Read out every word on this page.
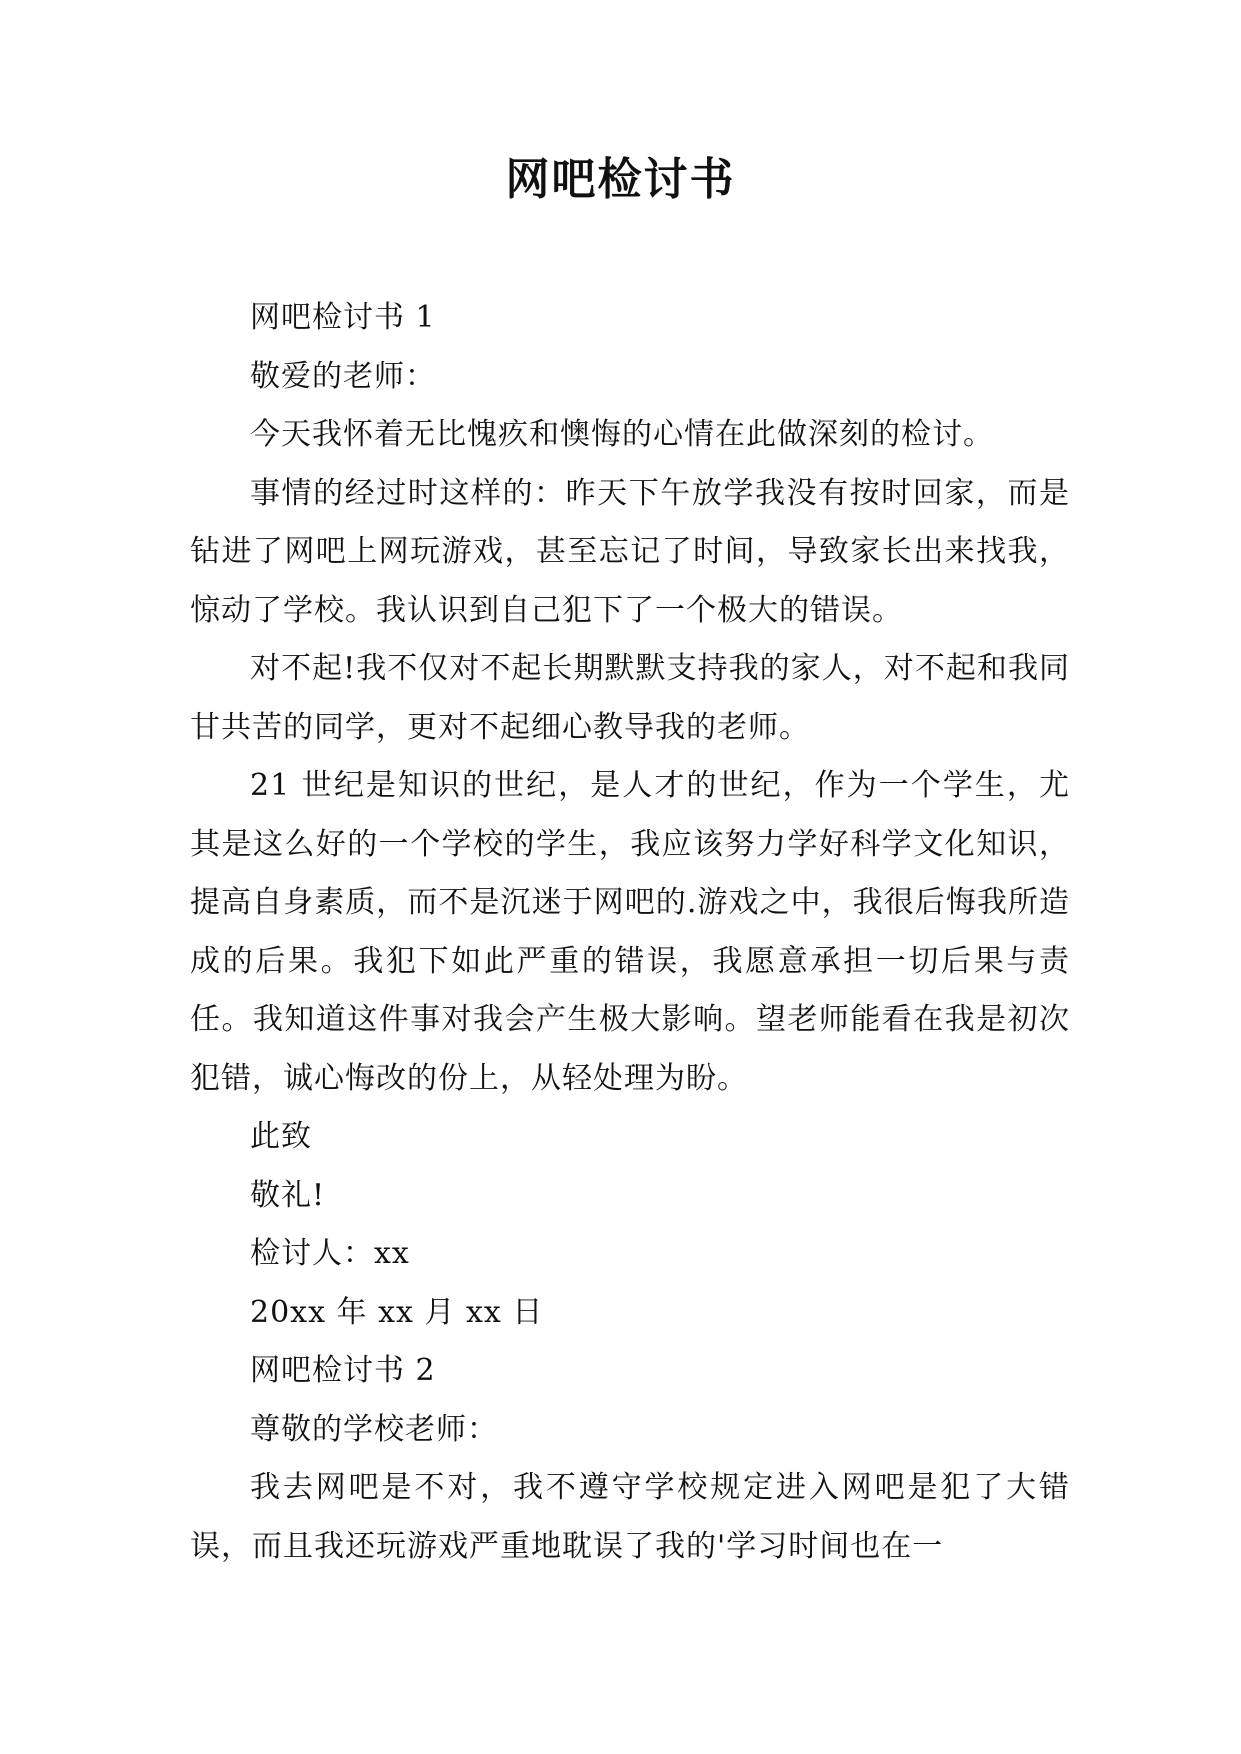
网吧检讨书

网吧检讨书 1

敬爱的老师：

今天我怀着无比愧疚和懊悔的心情在此做深刻的检讨。

事情的经过时这样的：昨天下午放学我没有按时回家，而是钻进了网吧上网玩游戏，甚至忘记了时间，导致家长出来找我，惊动了学校。我认识到自己犯下了一个极大的错误。

对不起!我不仅对不起长期默默支持我的家人，对不起和我同甘共苦的同学，更对不起细心教导我的老师。

21 世纪是知识的世纪，是人才的世纪，作为一个学生，尤其是这么好的一个学校的学生，我应该努力学好科学文化知识，提高自身素质，而不是沉迷于网吧的.游戏之中，我很后悔我所造成的后果。我犯下如此严重的错误，我愿意承担一切后果与责任。我知道这件事对我会产生极大影响。望老师能看在我是初次犯错，诚心悔改的份上，从轻处理为盼。

此致

敬礼!

检讨人：xx

20xx 年 xx 月 xx 日

网吧检讨书 2

尊敬的学校老师：

我去网吧是不对，我不遵守学校规定进入网吧是犯了大错误，而且我还玩游戏严重地耽误了我的'学习时间也在一
